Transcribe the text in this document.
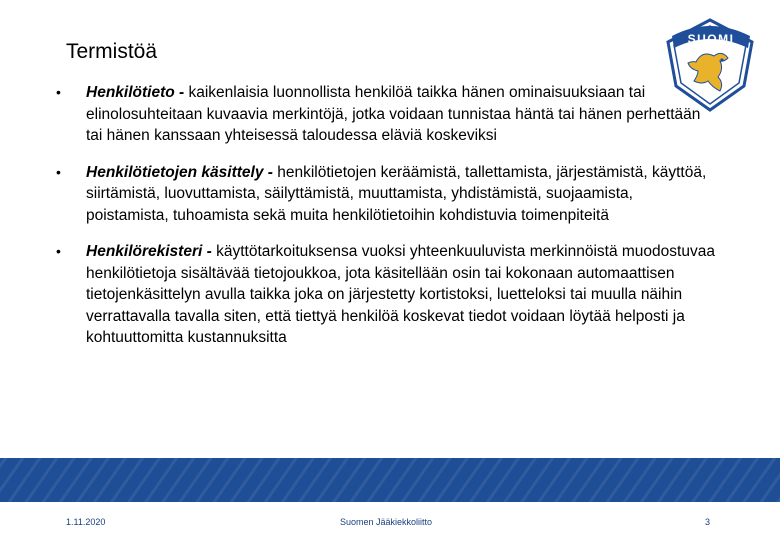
Termistöä
SUOMI
• Henkilötieto - kaikenlaisia luonnollista henkilöä taikka hänen ominaisuuksiaan tai elinolosuhteitaan kuvaavia merkintöjä, jotka voidaan tunnistaa häntä tai hänen perhettään tai hänen kanssaan yhteisessä taloudessa eläviä koskeviksi
• Henkilötietojen käsittely - henkilötietojen keräämistä, tallettamista, järjestämistä, käyttöä, siirtämistä, luovuttamista, säilyttämistä, muuttamista, yhdistämistä, suojaamista, poistamista, tuhoamista sekä muita henkilötietoihin kohdistuvia toimenpiteitä
• Henkilörekisteri - käyttötarkoituksensa vuoksi yhteenkuuluvista merkinnöistä muodostuvaa henkilötietoja sisältävää tietojoukkoa, jota käsitellään osin tai kokonaan automaattisen tietojenkäsittelyn avulla taikka joka on järjestetty kortistoksi, luetteloksi tai muulla näihin verrattavalla tavalla siten, että tiettyä henkilöä koskevat tiedot voidaan löytää helposti ja kohtuuttomitta kustannuksitta
1.11.2020	Suomen Jääkiekkoliitto	3
